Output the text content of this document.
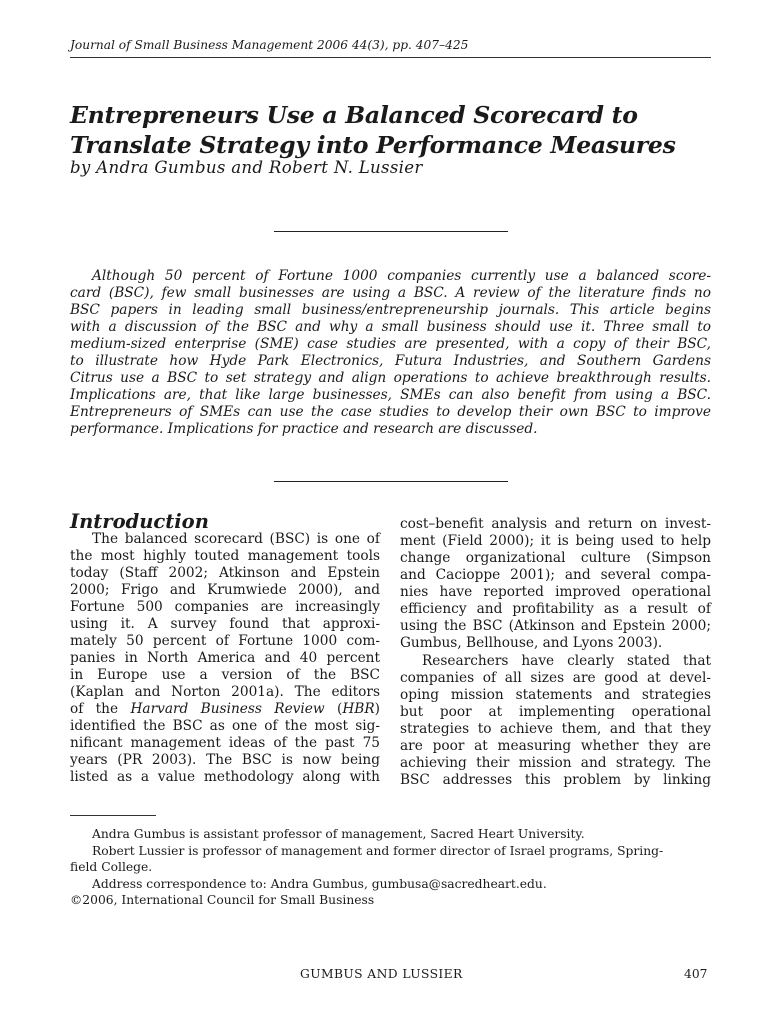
Journal of Small Business Management 2006 44(3), pp. 407–425
Entrepreneurs Use a Balanced Scorecard to
Translate Strategy into Performance Measures
by Andra Gumbus and Robert N. Lussier
Although 50 percent of Fortune 1000 companies currently use a balanced score-
card (BSC), few small businesses are using a BSC. A review of the literature finds no
BSC papers in leading small business/entrepreneurship journals. This article begins
with a discussion of the BSC and why a small business should use it. Three small to
medium-sized enterprise (SME) case studies are presented, with a copy of their BSC,
to illustrate how Hyde Park Electronics, Futura Industries, and Southern Gardens
Citrus use a BSC to set strategy and align operations to achieve breakthrough results.
Implications are, that like large businesses, SMEs can also benefit from using a BSC.
Entrepreneurs of SMEs can use the case studies to develop their own BSC to improve
performance. Implications for practice and research are discussed.
Introduction
The balanced scorecard (BSC) is one of
the most highly touted management tools
today (Staff 2002; Atkinson and Epstein
2000; Frigo and Krumwiede 2000), and
Fortune 500 companies are increasingly
using it. A survey found that approxi-
mately 50 percent of Fortune 1000 com-
panies in North America and 40 percent
in Europe use a version of the BSC
(Kaplan and Norton 2001a). The editors
of the Harvard Business Review (HBR)
identified the BSC as one of the most sig-
nificant management ideas of the past 75
years (PR 2003). The BSC is now being
listed as a value methodology along with
cost–benefit analysis and return on invest-
ment (Field 2000); it is being used to help
change organizational culture (Simpson
and Cacioppe 2001); and several compa-
nies have reported improved operational
efficiency and profitability as a result of
using the BSC (Atkinson and Epstein 2000;
Gumbus, Bellhouse, and Lyons 2003).
Researchers have clearly stated that
companies of all sizes are good at devel-
oping mission statements and strategies
but poor at implementing operational
strategies to achieve them, and that they
are poor at measuring whether they are
achieving their mission and strategy. The
BSC addresses this problem by linking
Andra Gumbus is assistant professor of management, Sacred Heart University.
Robert Lussier is professor of management and former director of Israel programs, Spring-
field College.
Address correspondence to: Andra Gumbus, gumbusa@sacredheart.edu.
©2006, International Council for Small Business
GUMBUS AND LUSSIER	407
